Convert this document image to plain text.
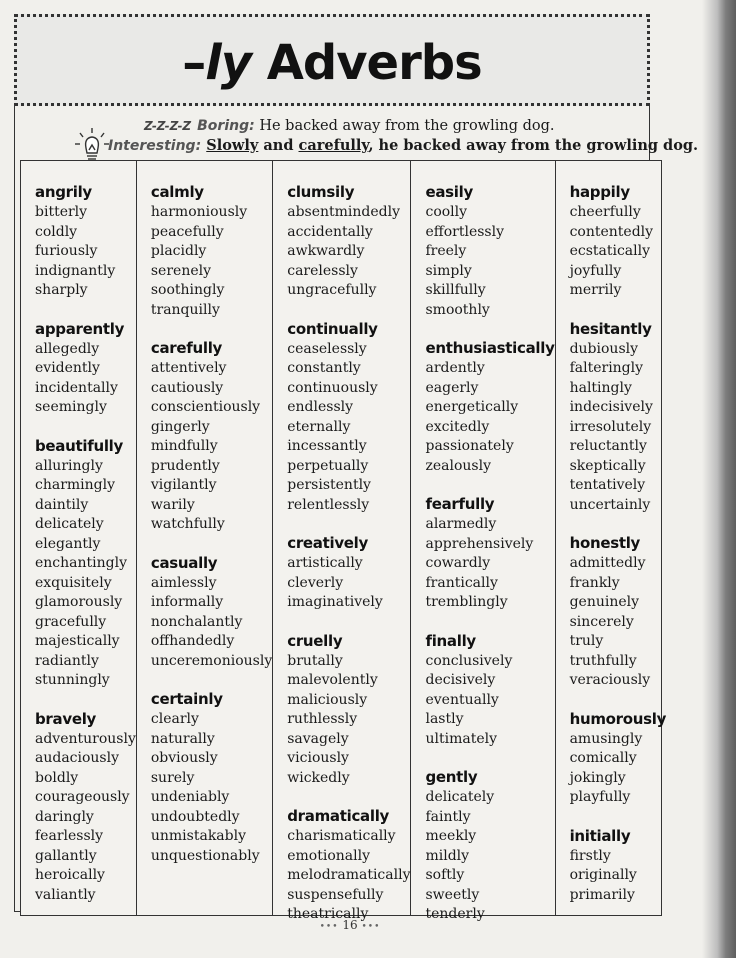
–ly Adverbs
Z-Z-Z-Z Boring: He backed away from the growling dog.
Interesting: Slowly and carefully, he backed away from the growling dog.
angrily
bitterly
coldly
furiously
indignantly
sharply
apparently
allegedly
evidently
incidentally
seemingly
beautifully
alluringly
charmingly
daintily
delicately
elegantly
enchantingly
exquisitely
glamorously
gracefully
majestically
radiantly
stunningly
bravely
adventurously
audaciously
boldly
courageously
daringly
fearlessly
gallantly
heroically
valiantly
calmly
harmoniously
peacefully
placidly
serenely
soothingly
tranquilly
carefully
attentively
cautiously
conscientiously
gingerly
mindfully
prudently
vigilantly
warily
watchfully
casually
aimlessly
informally
nonchalantly
offhandedly
unceremoniously
certainly
clearly
naturally
obviously
surely
undeniably
undoubtedly
unmistakably
unquestionably
clumsily
absentmindedly
accidentally
awkwardly
carelessly
ungracefully
continually
ceaselessly
constantly
continuously
endlessly
eternally
incessantly
perpetually
persistently
relentlessly
creatively
artistically
cleverly
imaginatively
cruelly
brutally
malevolently
maliciously
ruthlessly
savagely
viciously
wickedly
dramatically
charismatically
emotionally
melodramatically
suspensefully
theatrically
easily
coolly
effortlessly
freely
simply
skillfully
smoothly
enthusiastically
ardently
eagerly
energetically
excitedly
passionately
zealously
fearfully
alarmedly
apprehensively
cowardly
frantically
tremblingly
finally
conclusively
decisively
eventually
lastly
ultimately
gently
delicately
faintly
meekly
mildly
softly
sweetly
tenderly
happily
cheerfully
contentedly
ecstatically
joyfully
merrily
hesitantly
dubiously
falteringly
haltingly
indecisively
irresolutely
reluctantly
skeptically
tentatively
uncertainly
honestly
admittedly
frankly
genuinely
sincerely
truly
truthfully
veraciously
humorously
amusingly
comically
jokingly
playfully
initially
firstly
originally
primarily
••• 16 •••
